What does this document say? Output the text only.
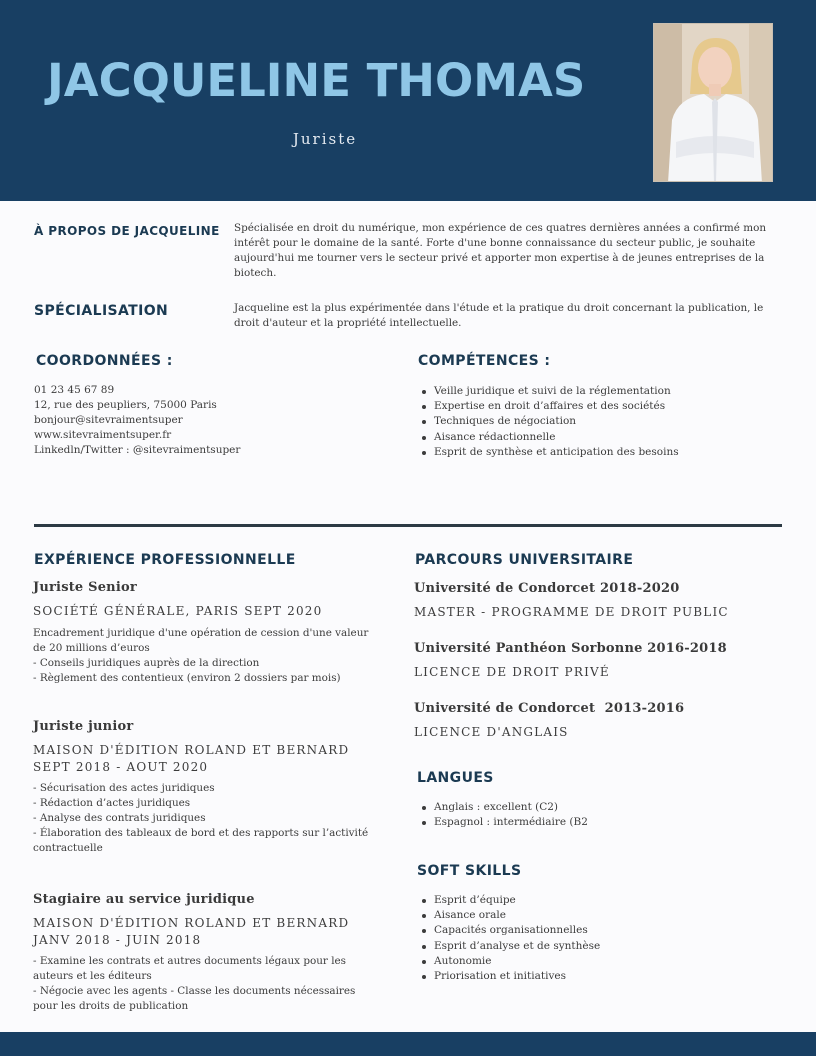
JACQUELINE THOMAS
Juriste
À PROPOS DE JACQUELINE Spécialisée en droit du numérique, mon expérience de ces quatres dernières années a confirmé mon intérêt pour le domaine de la santé. Forte d'une bonne connaissance du secteur public, je souhaite aujourd'hui me tourner vers le secteur privé et apporter mon expertise à de jeunes entreprises de la biotech.
SPÉCIALISATION	Jacqueline est la plus expérimentée dans l'étude et la pratique du droit concernant la publication, le droit d'auteur et la propriété intellectuelle.
COORDONNÉES :
01 23 45 67 89
12, rue des peupliers, 75000 Paris
bonjour@sitevraimentsuper
www.sitevraimentsuper.fr
Linkedln/Twitter : @sitevraimentsuper
COMPÉTENCES :
Veille juridique et suivi de la réglementation
Expertise en droit d’affaires et des sociétés
Techniques de négociation
Aisance rédactionnelle
Esprit de synthèse et anticipation des besoins
EXPÉRIENCE PROFESSIONNELLE
Juriste Senior
SOCIÉTÉ GÉNÉRALE, PARIS SEPT 2020
Encadrement juridique d'une opération de cession d'une valeur de 20 millions d’euros
- Conseils juridiques auprès de la direction
- Règlement des contentieux (environ 2 dossiers par mois)
Juriste junior
MAISON D'ÉDITION ROLAND ET BERNARD SEPT 2018 - AOUT 2020
- Sécurisation des actes juridiques
- Rédaction d’actes juridiques
- Analyse des contrats juridiques
- Élaboration des tableaux de bord et des rapports sur l’activité contractuelle
Stagiaire au service juridique
MAISON D'ÉDITION ROLAND ET BERNARD JANV 2018 - JUIN 2018
- Examine les contrats et autres documents légaux pour les auteurs et les éditeurs
- Négocie avec les agents - Classe les documents nécessaires pour les droits de publication
PARCOURS UNIVERSITAIRE
Université de Condorcet 2018-2020
MASTER - PROGRAMME DE DROIT PUBLIC
Université Panthéon Sorbonne 2016-2018
LICENCE DE DROIT PRIVÉ
Université de Condorcet  2013-2016
LICENCE D'ANGLAIS
LANGUES
Anglais : excellent (C2)
Espagnol : intermédiaire (B2
SOFT SKILLS
Esprit d’équipe
Aisance orale
Capacités organisationnelles
Esprit d’analyse et de synthèse
Autonomie
Priorisation et initiatives
